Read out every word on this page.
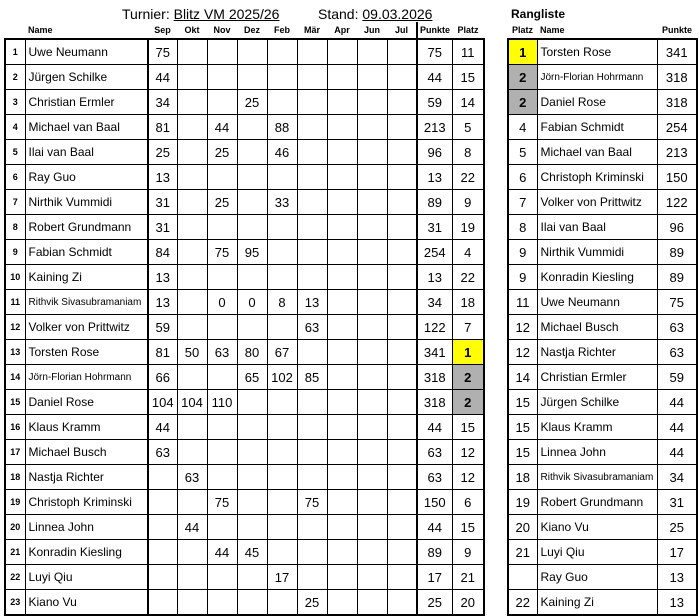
Turnier: Blitz VM 2025/26	Stand: 09.03.2026	Rangliste
	Name	Sep	Okt	Nov	Dez	Feb	Mär	Apr	Jun	Jul	Punkte	Platz
1	Uwe Neumann	75									75	11
2	Jürgen Schilke	44									44	15
3	Christian Ermler	34			25						59	14
4	Michael van Baal	81		44		88					213	5
5	Ilai van Baal	25		25		46					96	8
6	Ray Guo	13									13	22
7	Nirthik Vummidi	31		25		33					89	9
8	Robert Grundmann	31									31	19
9	Fabian Schmidt	84		75	95						254	4
10	Kaining Zi	13									13	22
11	Rithvik Sivasubramaniam	13		0	0	8	13				34	18
12	Volker von Prittwitz	59					63				122	7
13	Torsten Rose	81	50	63	80	67					341	1
14	Jörn-Florian Hohrmann	66			65	102	85				318	2
15	Daniel Rose	104	104	110							318	2
16	Klaus Kramm	44									44	15
17	Michael Busch	63									63	12
18	Nastja Richter		63								63	12
19	Christoph Kriminski			75			75				150	6
20	Linnea John		44								44	15
21	Konradin Kiesling			44	45						89	9
22	Luyi Qiu					17					17	21
23	Kiano Vu						25				25	20
Platz	Name	Punkte
1	Torsten Rose	341
2	Jörn-Florian Hohrmann	318
2	Daniel Rose	318
4	Fabian Schmidt	254
5	Michael van Baal	213
6	Christoph Kriminski	150
7	Volker von Prittwitz	122
8	Ilai van Baal	96
9	Nirthik Vummidi	89
9	Konradin Kiesling	89
11	Uwe Neumann	75
12	Michael Busch	63
12	Nastja Richter	63
14	Christian Ermler	59
15	Jürgen Schilke	44
15	Klaus Kramm	44
15	Linnea John	44
18	Rithvik Sivasubramaniam	34
19	Robert Grundmann	31
20	Kiano Vu	25
21	Luyi Qiu	17
	Ray Guo	13
22	Kaining Zi	13
